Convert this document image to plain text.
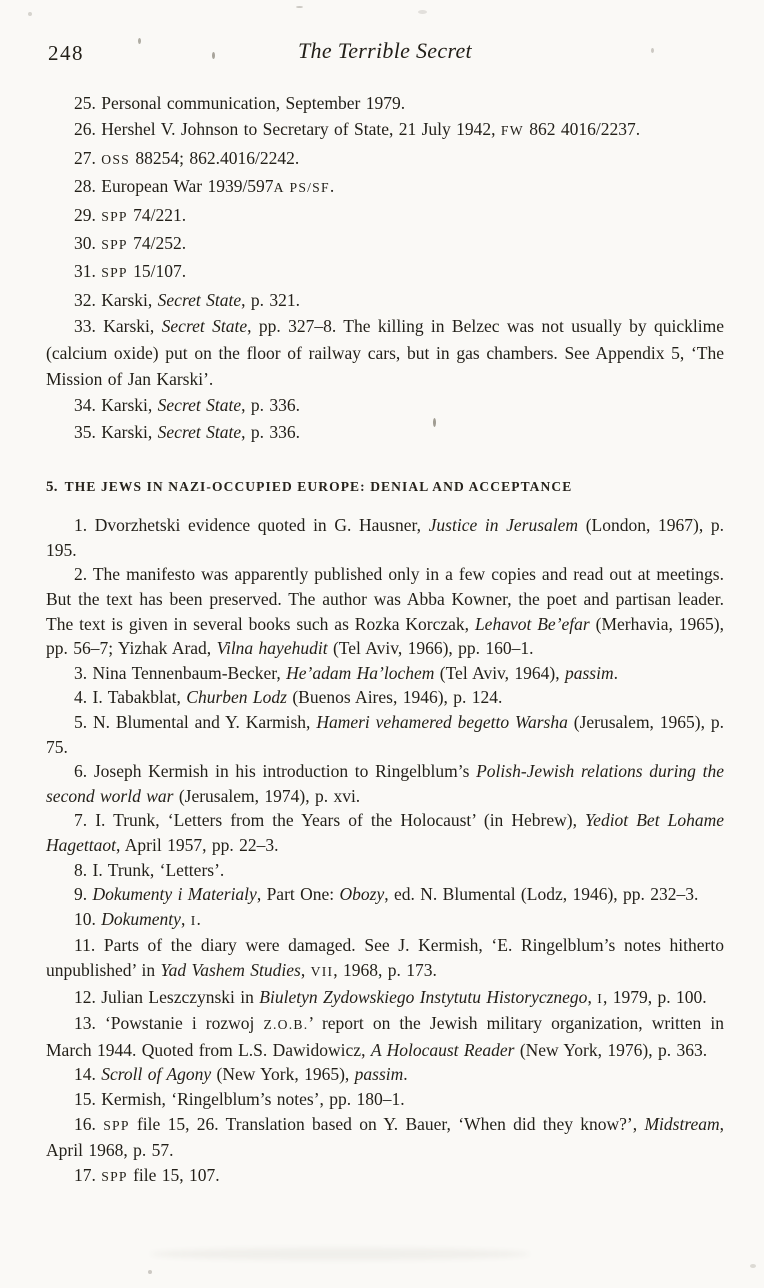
248	The Terrible Secret

25. Personal communication, September 1979.

26. Hershel V. Johnson to Secretary of State, 21 July 1942, FW 862 4016/2237.

27. OSS 88254; 862.4016/2242.

28. European War 1939/597A PS/SF.

29. SPP 74/221.

30. SPP 74/252.

31. SPP 15/107.

32. Karski, Secret State, p. 321.

33. Karski, Secret State, pp. 327–8. The killing in Belzec was not usually by quicklime (calcium oxide) put on the floor of railway cars, but in gas chambers. See Appendix 5, ‘The Mission of Jan Karski’.

34. Karski, Secret State, p. 336.

35. Karski, Secret State, p. 336.

5. THE JEWS IN NAZI-OCCUPIED EUROPE: DENIAL AND ACCEPTANCE

1. Dvorzhetski evidence quoted in G. Hausner, Justice in Jerusalem (London, 1967), p. 195.

2. The manifesto was apparently published only in a few copies and read out at meetings. But the text has been preserved. The author was Abba Kowner, the poet and partisan leader. The text is given in several books such as Rozka Korczak, Lehavot Be’efar (Merhavia, 1965), pp. 56–7; Yizhak Arad, Vilna hayehudit (Tel Aviv, 1966), pp. 160–1.

3. Nina Tennenbaum-Becker, He’adam Ha’lochem (Tel Aviv, 1964), passim.

4. I. Tabakblat, Churben Lodz (Buenos Aires, 1946), p. 124.

5. N. Blumental and Y. Karmish, Hameri vehamered begetto Warsha (Jerusalem, 1965), p. 75.

6. Joseph Kermish in his introduction to Ringelblum’s Polish-Jewish relations during the second world war (Jerusalem, 1974), p. xvi.

7. I. Trunk, ‘Letters from the Years of the Holocaust’ (in Hebrew), Yediot Bet Lohame Hagettaot, April 1957, pp. 22–3.

8. I. Trunk, ‘Letters’.

9. Dokumenty i Materialy, Part One: Obozy, ed. N. Blumental (Lodz, 1946), pp. 232–3.

10. Dokumenty, I.

11. Parts of the diary were damaged. See J. Kermish, ‘E. Ringelblum’s notes hitherto unpublished’ in Yad Vashem Studies, VII, 1968, p. 173.

12. Julian Leszczynski in Biuletyn Zydowskiego Instytutu Historycznego, I, 1979, p. 100.

13. ‘Powstanie i rozwoj Z.O.B.’ report on the Jewish military organization, written in March 1944. Quoted from L.S. Dawidowicz, A Holocaust Reader (New York, 1976), p. 363.

14. Scroll of Agony (New York, 1965), passim.

15. Kermish, ‘Ringelblum’s notes’, pp. 180–1.

16. SPP file 15, 26. Translation based on Y. Bauer, ‘When did they know?’, Midstream, April 1968, p. 57.

17. SPP file 15, 107.
